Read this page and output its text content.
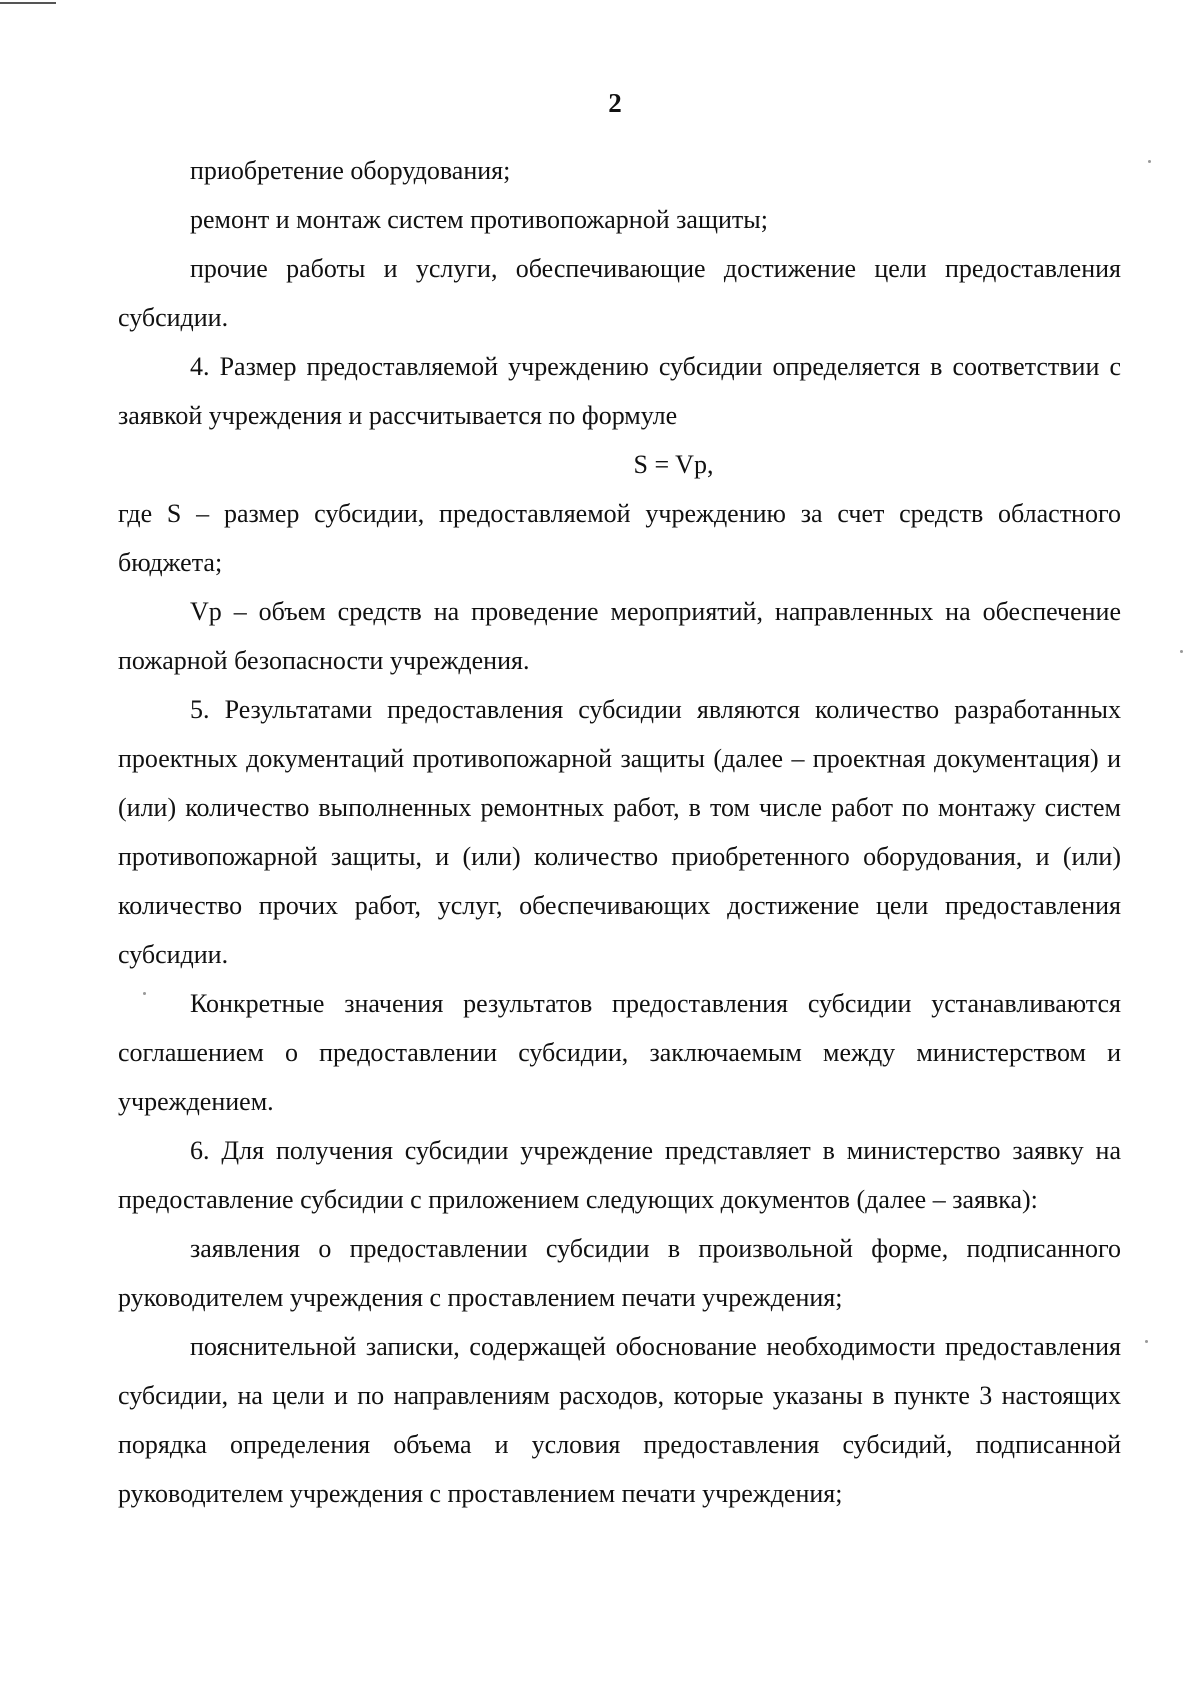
2

приобретение оборудования;

ремонт и монтаж систем противопожарной защиты;

прочие работы и услуги, обеспечивающие достижение цели предоставления субсидии.

4. Размер предоставляемой учреждению субсидии определяется в соответствии с заявкой учреждения и рассчитывается по формуле

S = Vp,

где S – размер субсидии, предоставляемой учреждению за счет средств областного бюджета;

Vp – объем средств на проведение мероприятий, направленных на обеспечение пожарной безопасности учреждения.

5. Результатами предоставления субсидии являются количество разработанных проектных документаций противопожарной защиты (далее – проектная документация) и (или) количество выполненных ремонтных работ, в том числе работ по монтажу систем противопожарной защиты, и (или) количество приобретенного оборудования, и (или) количество прочих работ, услуг, обеспечивающих достижение цели предоставления субсидии.

Конкретные значения результатов предоставления субсидии устанавливаются соглашением о предоставлении субсидии, заключаемым между министерством и учреждением.

6. Для получения субсидии учреждение представляет в министерство заявку на предоставление субсидии с приложением следующих документов (далее – заявка):

заявления о предоставлении субсидии в произвольной форме, подписанного руководителем учреждения с проставлением печати учреждения;

пояснительной записки, содержащей обоснование необходимости предоставления субсидии, на цели и по направлениям расходов, которые указаны в пункте 3 настоящих порядка определения объема и условия предоставления субсидий, подписанной руководителем учреждения с проставлением печати учреждения;
